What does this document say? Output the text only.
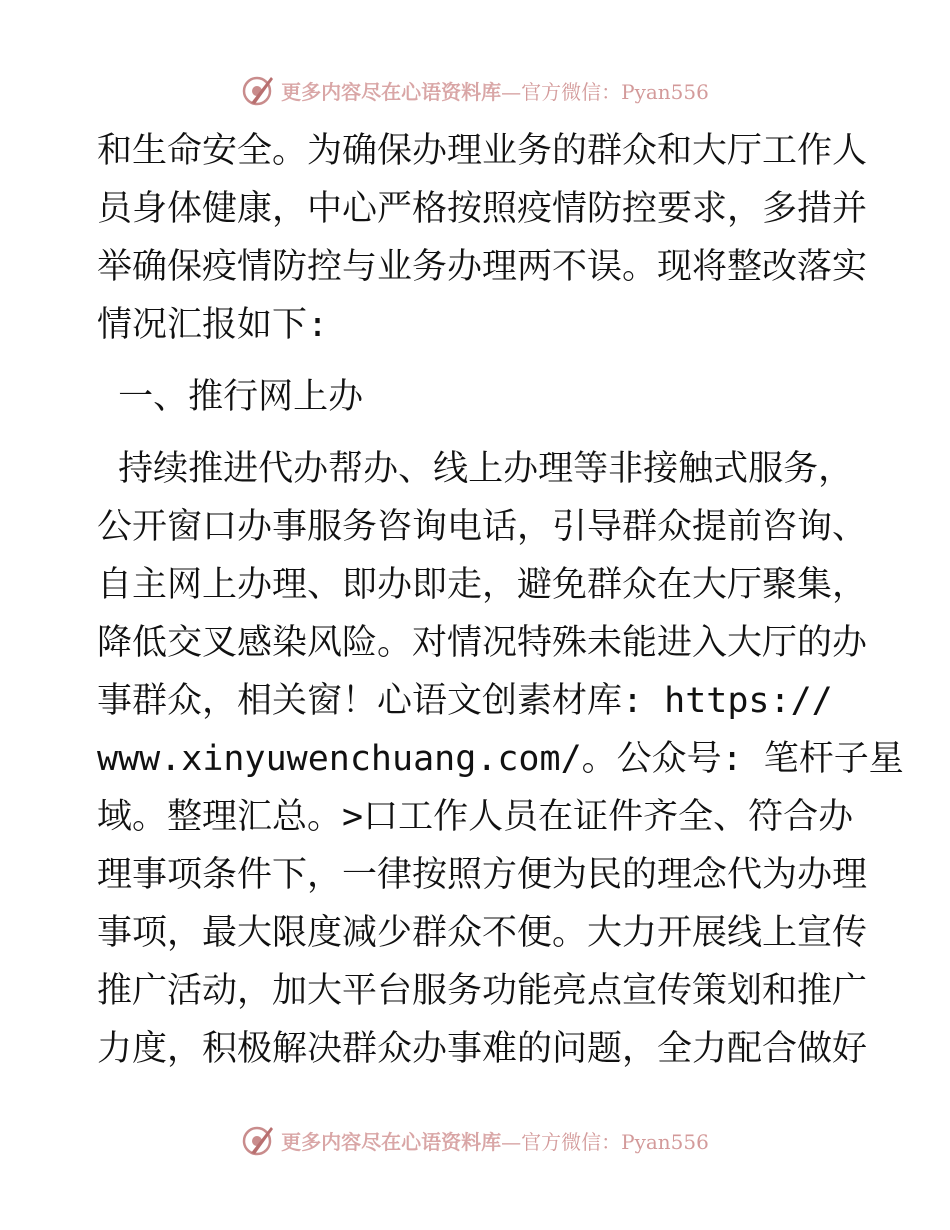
更多内容尽在心语资料库—官方微信：Pyan556
和生命安全。为确保办理业务的群众和大厅工作人
员身体健康，中心严格按照疫情防控要求，多措并
举确保疫情防控与业务办理两不误。现将整改落实
情况汇报如下:
一、推行网上办
持续推进代办帮办、线上办理等非接触式服务，
公开窗口办事服务咨询电话，引导群众提前咨询、
自主网上办理、即办即走，避免群众在大厅聚集，
降低交叉感染风险。对情况特殊未能进入大厅的办
事群众，相关窗！心语文创素材库: https://
www.xinyuwenchuang.com/。公众号: 笔杆子星
域。整理汇总。>口工作人员在证件齐全、符合办
理事项条件下，一律按照方便为民的理念代为办理
事项，最大限度减少群众不便。大力开展线上宣传
推广活动，加大平台服务功能亮点宣传策划和推广
力度，积极解决群众办事难的问题，全力配合做好
更多内容尽在心语资料库—官方微信：Pyan556
